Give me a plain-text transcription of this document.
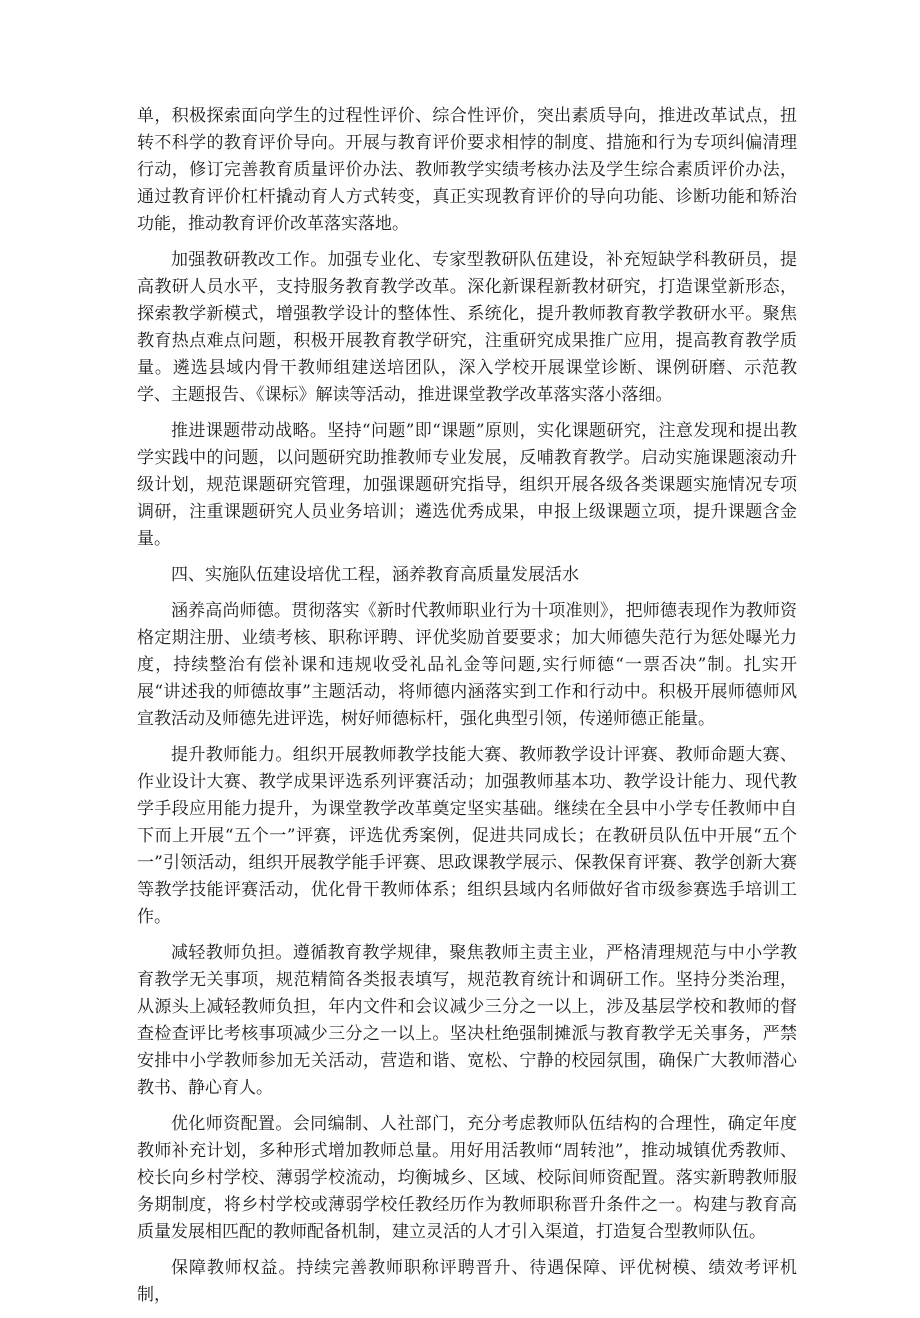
单，积极探索面向学生的过程性评价、综合性评价，突出素质导向，推进改革试点，扭转不科学的教育评价导向。开展与教育评价要求相悖的制度、措施和行为专项纠偏清理行动，修订完善教育质量评价办法、教师教学实绩考核办法及学生综合素质评价办法，通过教育评价杠杆撬动育人方式转变，真正实现教育评价的导向功能、诊断功能和矫治功能，推动教育评价改革落实落地。

加强教研教改工作。加强专业化、专家型教研队伍建设，补充短缺学科教研员，提高教研人员水平，支持服务教育教学改革。深化新课程新教材研究，打造课堂新形态，探索教学新模式，增强教学设计的整体性、系统化，提升教师教育教学教研水平。聚焦教育热点难点问题，积极开展教育教学研究，注重研究成果推广应用，提高教育教学质量。遴选县域内骨干教师组建送培团队，深入学校开展课堂诊断、课例研磨、示范教学、主题报告、《课标》解读等活动，推进课堂教学改革落实落小落细。

推进课题带动战略。坚持“问题”即“课题”原则，实化课题研究，注意发现和提出教学实践中的问题，以问题研究助推教师专业发展，反哺教育教学。启动实施课题滚动升级计划，规范课题研究管理，加强课题研究指导，组织开展各级各类课题实施情况专项调研，注重课题研究人员业务培训；遴选优秀成果，申报上级课题立项，提升课题含金量。

四、实施队伍建设培优工程，涵养教育高质量发展活水

涵养高尚师德。贯彻落实《新时代教师职业行为十项准则》，把师德表现作为教师资格定期注册、业绩考核、职称评聘、评优奖励首要要求；加大师德失范行为惩处曝光力度，持续整治有偿补课和违规收受礼品礼金等问题,实行师德“一票否决”制。扎实开展“讲述我的师德故事”主题活动，将师德内涵落实到工作和行动中。积极开展师德师风宣教活动及师德先进评选，树好师德标杆，强化典型引领，传递师德正能量。

提升教师能力。组织开展教师教学技能大赛、教师教学设计评赛、教师命题大赛、作业设计大赛、教学成果评选系列评赛活动；加强教师基本功、教学设计能力、现代教学手段应用能力提升，为课堂教学改革奠定坚实基础。继续在全县中小学专任教师中自下而上开展“五个一”评赛，评选优秀案例，促进共同成长；在教研员队伍中开展“五个一”引领活动，组织开展教学能手评赛、思政课教学展示、保教保育评赛、教学创新大赛等教学技能评赛活动，优化骨干教师体系；组织县域内名师做好省市级参赛选手培训工作。

减轻教师负担。遵循教育教学规律，聚焦教师主责主业，严格清理规范与中小学教育教学无关事项，规范精简各类报表填写，规范教育统计和调研工作。坚持分类治理，从源头上减轻教师负担，年内文件和会议减少三分之一以上，涉及基层学校和教师的督查检查评比考核事项减少三分之一以上。坚决杜绝强制摊派与教育教学无关事务，严禁安排中小学教师参加无关活动，营造和谐、宽松、宁静的校园氛围，确保广大教师潜心教书、静心育人。

优化师资配置。会同编制、人社部门，充分考虑教师队伍结构的合理性，确定年度教师补充计划，多种形式增加教师总量。用好用活教师“周转池”，推动城镇优秀教师、校长向乡村学校、薄弱学校流动，均衡城乡、区域、校际间师资配置。落实新聘教师服务期制度，将乡村学校或薄弱学校任教经历作为教师职称晋升条件之一。构建与教育高质量发展相匹配的教师配备机制，建立灵活的人才引入渠道，打造复合型教师队伍。

保障教师权益。持续完善教师职称评聘晋升、待遇保障、评优树模、绩效考评机制，
